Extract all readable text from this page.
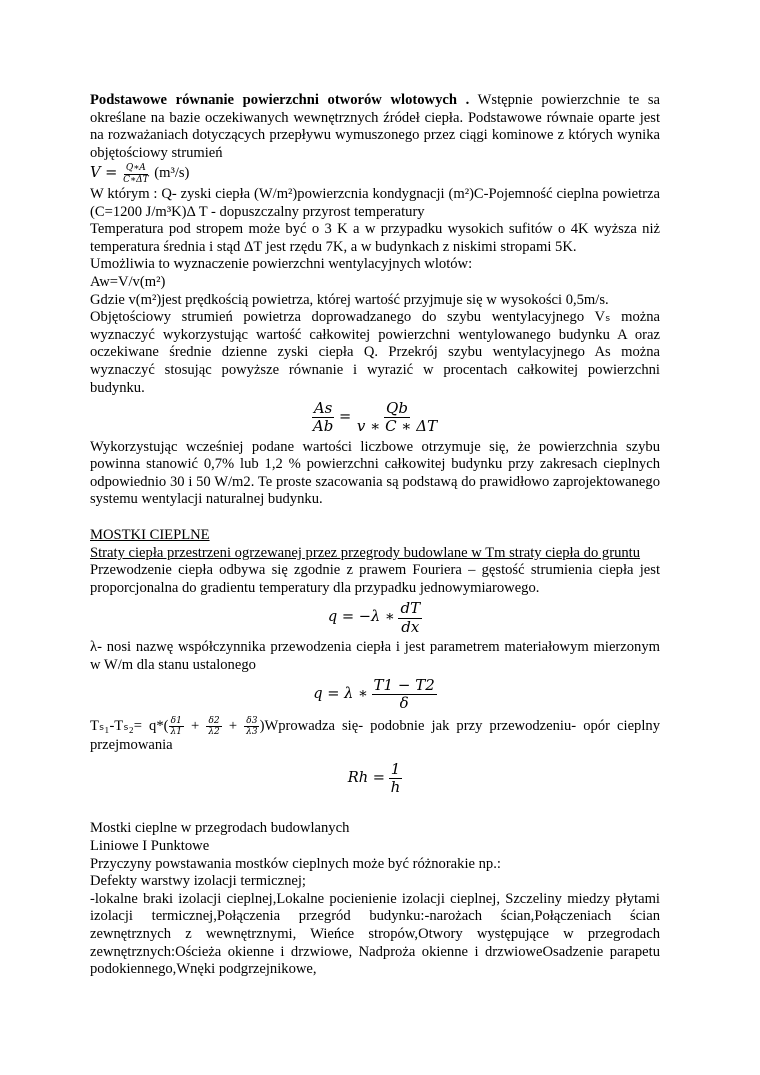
Podstawowe równanie powierzchni otworów wlotowych . Wstępnie powierzchnie te sa określane na bazie oczekiwanych wewnętrznych źródeł ciepła. Podstawowe równaie oparte jest na rozważaniach dotyczących przepływu wymuszonego przez ciągi kominowe z których wynika objętościowy strumień

$V = \frac{Q∗A}{C∗\Delta T} (m^3/s)$

W którym : Q- zyski ciepła (W/m²)powierzcnia kondygnacji (m²)C-Pojemność cieplna powietrza (C=1200 J/m³K)Δ T - dopuszczalny przyrost temperatury

Temperatura pod stropem może być o 3 K a w przypadku wysokich sufitów o 4K wyższa niż temperatura średnia i stąd ΔT jest rzędu 7K, a w budynkach z niskimi stropami 5K.

Umożliwia to wyznaczenie powierzchni wentylacyjnych wlotów:

Aw=V/v(m²)

Gdzie v(m²)jest prędkością powietrza, której wartość przyjmuje się w wysokości 0,5m/s.

Objętościowy strumień powietrza doprowadzanego do szybu wentylacyjnego Vₛ można wyznaczyć wykorzystując wartość całkowitej powierzchni wentylowanego budynku A oraz oczekiwane średnie dzienne zyski ciepła Q. Przekrój szybu wentylacyjnego As można wyznaczyć stosując powyższe równanie i wyrazić w procentach całkowitej powierzchni budynku.

$\frac{As}{Ab} = \frac{Qb}{v ∗ C ∗ \Delta T}$

Wykorzystując wcześniej podane wartości liczbowe otrzymuje się, że powierzchnia szybu powinna stanowić 0,7% lub 1,2 % powierzchni całkowitej budynku przy zakresach cieplnych odpowiednio 30 i 50 W/m2. Te proste szacowania są podstawą do prawidłowo zaprojektowanego systemu wentylacji naturalnej budynku.

MOSTKI CIEPLNE

Straty ciepła przestrzeni ogrzewanej przez przegrody budowlane w Tm straty ciepła do gruntu

Przewodzenie ciepła odbywa się zgodnie z prawem Fouriera – gęstość strumienia ciepła jest proporcjonalna do gradientu temperatury dla przypadku jednowymiarowego.

q = −λ ∗ $\frac{dT}{dx}$

λ- nosi nazwę współczynnika przewodzenia ciepła i jest parametrem materiałowym mierzonym w W/m dla stanu ustalonego

q = λ ∗ $\frac{T1 - T2}{\delta}$

$T_{s1}-T_{s2}= q*( \frac{\delta 1}{\lambda 1} + \frac{\delta 2}{\lambda 2} + \frac{\delta 3}{\lambda 3}$ )Wprowadza się- podobnie jak przy przewodzeniu- opór cieplny przejmowania

$Rh = \frac{1}{h}$

Mostki cieplne w przegrodach budowlanych

Liniowe I Punktowe

Przyczyny powstawania mostków cieplnych może być różnorakie np.:

Defekty warstwy izolacji termicznej;

-lokalne braki izolacji cieplnej,Lokalne pocienienie izolacji cieplnej, Szczeliny miedzy płytami izolacji termicznej,Połączenia przegród budynku:-narożach ścian,Połączeniach ścian zewnętrznych z wewnętrznymi, Wieńce stropów,Otwory występujące w przegrodach zewnętrznych:Ościeża okienne i drzwiowe, Nadproża okienne i drzwioweOsadzenie parapetu podokiennego,Wnęki podgrzejnikowe,
